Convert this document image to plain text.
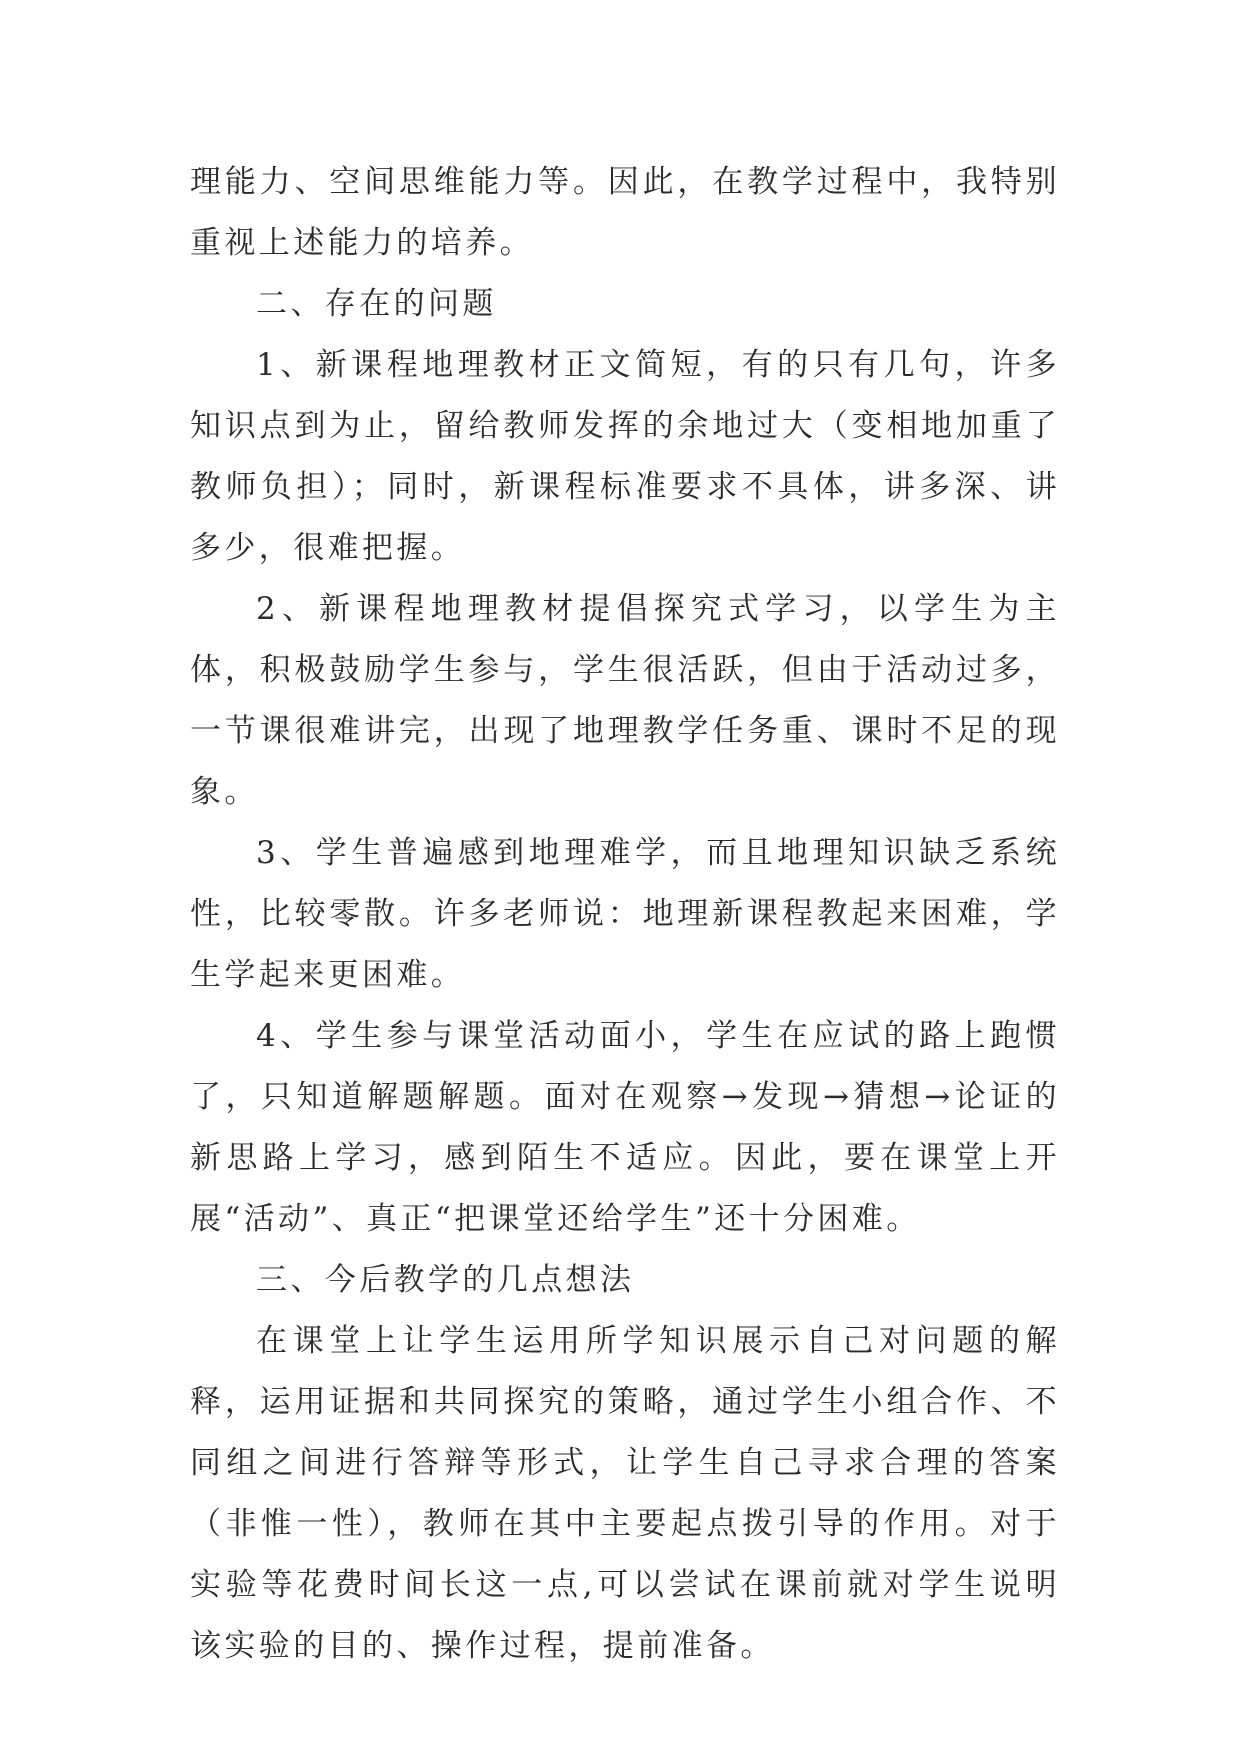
理能力、空间思维能力等。因此，在教学过程中，我特别重视上述能力的培养。

二、存在的问题

1、新课程地理教材正文简短，有的只有几句，许多知识点到为止，留给教师发挥的余地过大（变相地加重了教师负担）；同时，新课程标准要求不具体，讲多深、讲多少，很难把握。

2、新课程地理教材提倡探究式学习，以学生为主体，积极鼓励学生参与，学生很活跃，但由于活动过多，一节课很难讲完，出现了地理教学任务重、课时不足的现象。

3、学生普遍感到地理难学，而且地理知识缺乏系统性，比较零散。许多老师说：地理新课程教起来困难，学生学起来更困难。

4、学生参与课堂活动面小，学生在应试的路上跑惯了，只知道解题解题。面对在观察→发现→猜想→论证的新思路上学习，感到陌生不适应。因此，要在课堂上开展“活动”、真正“把课堂还给学生”还十分困难。

三、今后教学的几点想法

在课堂上让学生运用所学知识展示自己对问题的解释，运用证据和共同探究的策略，通过学生小组合作、不同组之间进行答辩等形式，让学生自己寻求合理的答案（非惟一性），教师在其中主要起点拨引导的作用。对于实验等花费时间长这一点,可以尝试在课前就对学生说明该实验的目的、操作过程，提前准备。
